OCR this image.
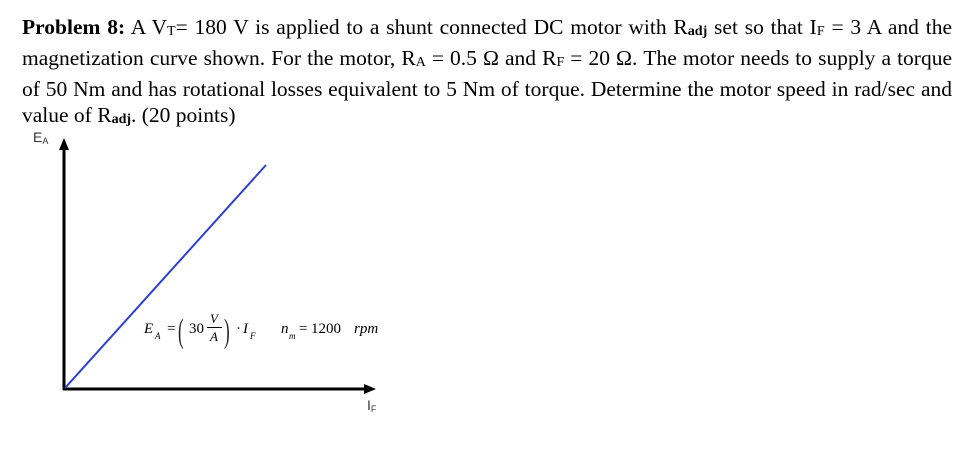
Problem 8: A VT= 180 V is applied to a shunt connected DC motor with Radj set so that IF = 3 A and the magnetization curve shown. For the motor, RA = 0.5 Ω and RF = 20 Ω. The motor needs to supply a torque of 50 Nm and has rotational losses equivalent to 5 Nm of torque. Determine the motor speed in rad/sec and value of Radj. (20 points)
EA
IF
E A = ( 30
V
A ) · I F n m = 1200 rpm
